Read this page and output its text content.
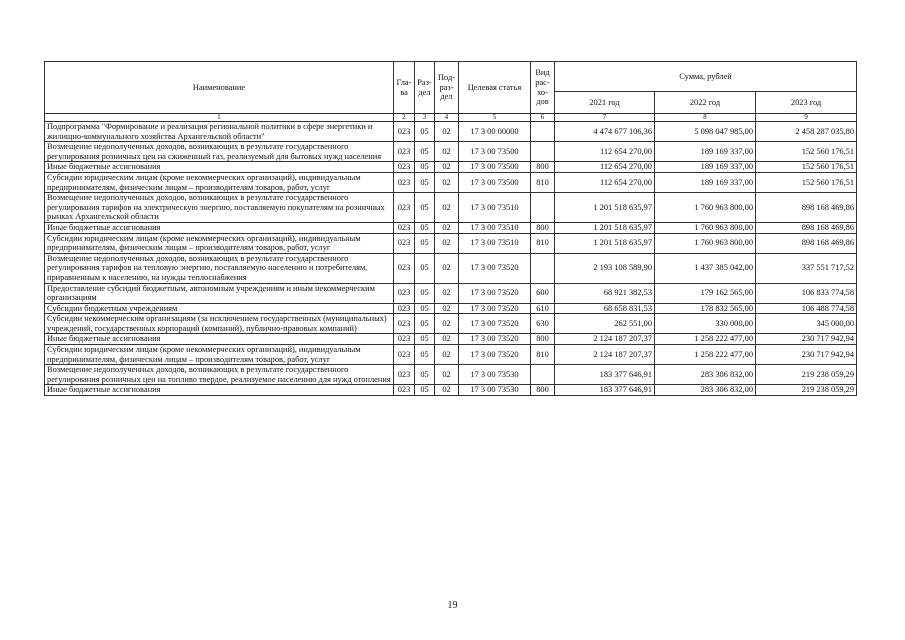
Наименование	Гла-ва	Раз-дел	Под-раз-дел	Целевая статья	Вид рас-хо-дов	Сумма, рублей		
						2021 год	2022 год	2023 год
1	2	3	4	5	6	7	8	9
Подпрограмма "Формирование и реализация региональной политики в сфере энергетики и жилищно-коммунального хозяйства Архангельской области"	023	05	02	17 3 00 00000		4 474 677 106,36	5 098 047 985,00	2 458 287 035,80
Возмещение недополученных доходов, возникающих в результате государственного регулирования розничных цен на сжиженный газ, реализуемый для бытовых нужд населения	023	05	02	17 3 00 73500		112 654 270,00	189 169 337,00	152 560 176,51
Иные бюджетные ассигнования	023	05	02	17 3 00 73500	800	112 654 270,00	189 169 337,00	152 560 176,51
Субсидии юридическим лицам (кроме некоммерческих организаций), индивидуальным предпринимателям, физическим лицам – производителям товаров, работ, услуг	023	05	02	17 3 00 73500	810	112 654 270,00	189 169 337,00	152 560 176,51
Возмещение недополученных доходов, возникающих в результате государственного регулирования тарифов на электрическую энергию, поставляемую покупателям на розничных рынках Архангельской области	023	05	02	17 3 00 73510		1 201 518 635,97	1 760 963 800,00	898 168 469,86
Иные бюджетные ассигнования	023	05	02	17 3 00 73510	800	1 201 518 635,97	1 760 963 800,00	898 168 469,86
Субсидии юридическим лицам (кроме некоммерческих организаций), индивидуальным предпринимателям, физическим лицам – производителям товаров, работ, услуг	023	05	02	17 3 00 73510	810	1 201 518 635,97	1 760 963 800,00	898 168 469,86
Возмещение недополученных доходов, возникающих в результате государственного регулирования тарифов на тепловую энергию, поставляемую населению и потребителям, приравненным к населению, на нужды теплоснабжения	023	05	02	17 3 00 73520		2 193 108 589,90	1 437 385 042,00	337 551 717,52
Предоставление субсидий бюджетным, автономным учреждениям и иным некоммерческим организациям	023	05	02	17 3 00 73520	600	68 921 382,53	179 162 565,00	106 833 774,58
Субсидии бюджетным учреждениям	023	05	02	17 3 00 73520	610	68 658 831,53	178 832 565,00	106 488 774,58
Субсидии некоммерческим организациям (за исключением государственных (муниципальных) учреждений, государственных корпораций (компаний), публично-правовых компаний)	023	05	02	17 3 00 73520	630	262 551,00	330 000,00	345 000,00
Иные бюджетные ассигнования	023	05	02	17 3 00 73520	800	2 124 187 207,37	1 258 222 477,00	230 717 942,94
Субсидии юридическим лицам (кроме некоммерческих организаций), индивидуальным предпринимателям, физическим лицам – производителям товаров, работ, услуг	023	05	02	17 3 00 73520	810	2 124 187 207,37	1 258 222 477,00	230 717 942,94
Возмещение недополученных доходов, возникающих в результате государственного регулирования розничных цен на топливо твердое, реализуемое населению для нужд отопления	023	05	02	17 3 00 73530		183 377 646,91	283 306 832,00	219 238 059,29
Иные бюджетные ассигнования	023	05	02	17 3 00 73530	800	183 377 646,91	283 306 832,00	219 238 059,29
19
